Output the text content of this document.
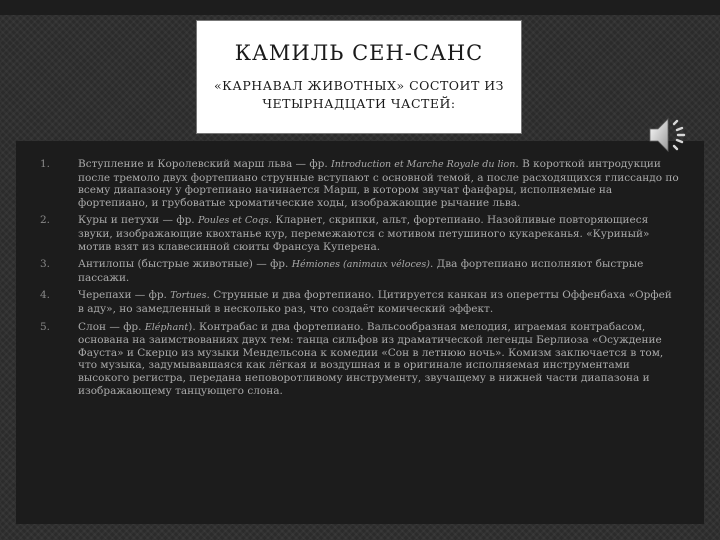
КАМИЛЬ СЕН-САНС
«КАРНАВАЛ ЖИВОТНЫХ» СОСТОИТ ИЗ ЧЕТЫРНАДЦАТИ ЧАСТЕЙ:
1.	Вступление и Королевский марш льва — фр. Introduction et Marche Royale du lion. В короткой интродукции после тремоло двух фортепиано струнные вступают с основной темой, а после расходящихся глиссандо по всему диапазону у фортепиано начинается Марш, в котором звучат фанфары, исполняемые на фортепиано, и грубоватые хроматические ходы, изображающие рычание льва.
2.	Куры и петухи — фр. Poules et Coqs. Кларнет, скрипки, альт, фортепиано. Назойливые повторяющиеся звуки, изображающие квохтанье кур, перемежаются с мотивом петушиного кукареканья. «Куриный» мотив взят из клавесинной сюиты Франсуа Куперена.
3.	Антилопы (быстрые животные) — фр. Hémiones (animaux véloces). Два фортепиано исполняют быстрые пассажи.
4.	Черепахи — фр. Tortues. Струнные и два фортепиано. Цитируется канкан из оперетты Оффенбаха «Орфей в аду», но замедленный в несколько раз, что создаёт комический эффект.
5.	Слон — фр. Eléphant). Контрабас и два фортепиано. Вальсообразная мелодия, играемая контрабасом, основана на заимствованиях двух тем: танца сильфов из драматической легенды Берлиоза «Осуждение Фауста» и Скерцо из музыки Мендельсона к комедии «Сон в летнюю ночь». Комизм заключается в том, что музыка, задумывавшаяся как лёгкая и воздушная и в оригинале исполняемая инструментами высокого регистра, передана неповоротливому инструменту, звучащему в нижней части диапазона и изображающему танцующего слона.
